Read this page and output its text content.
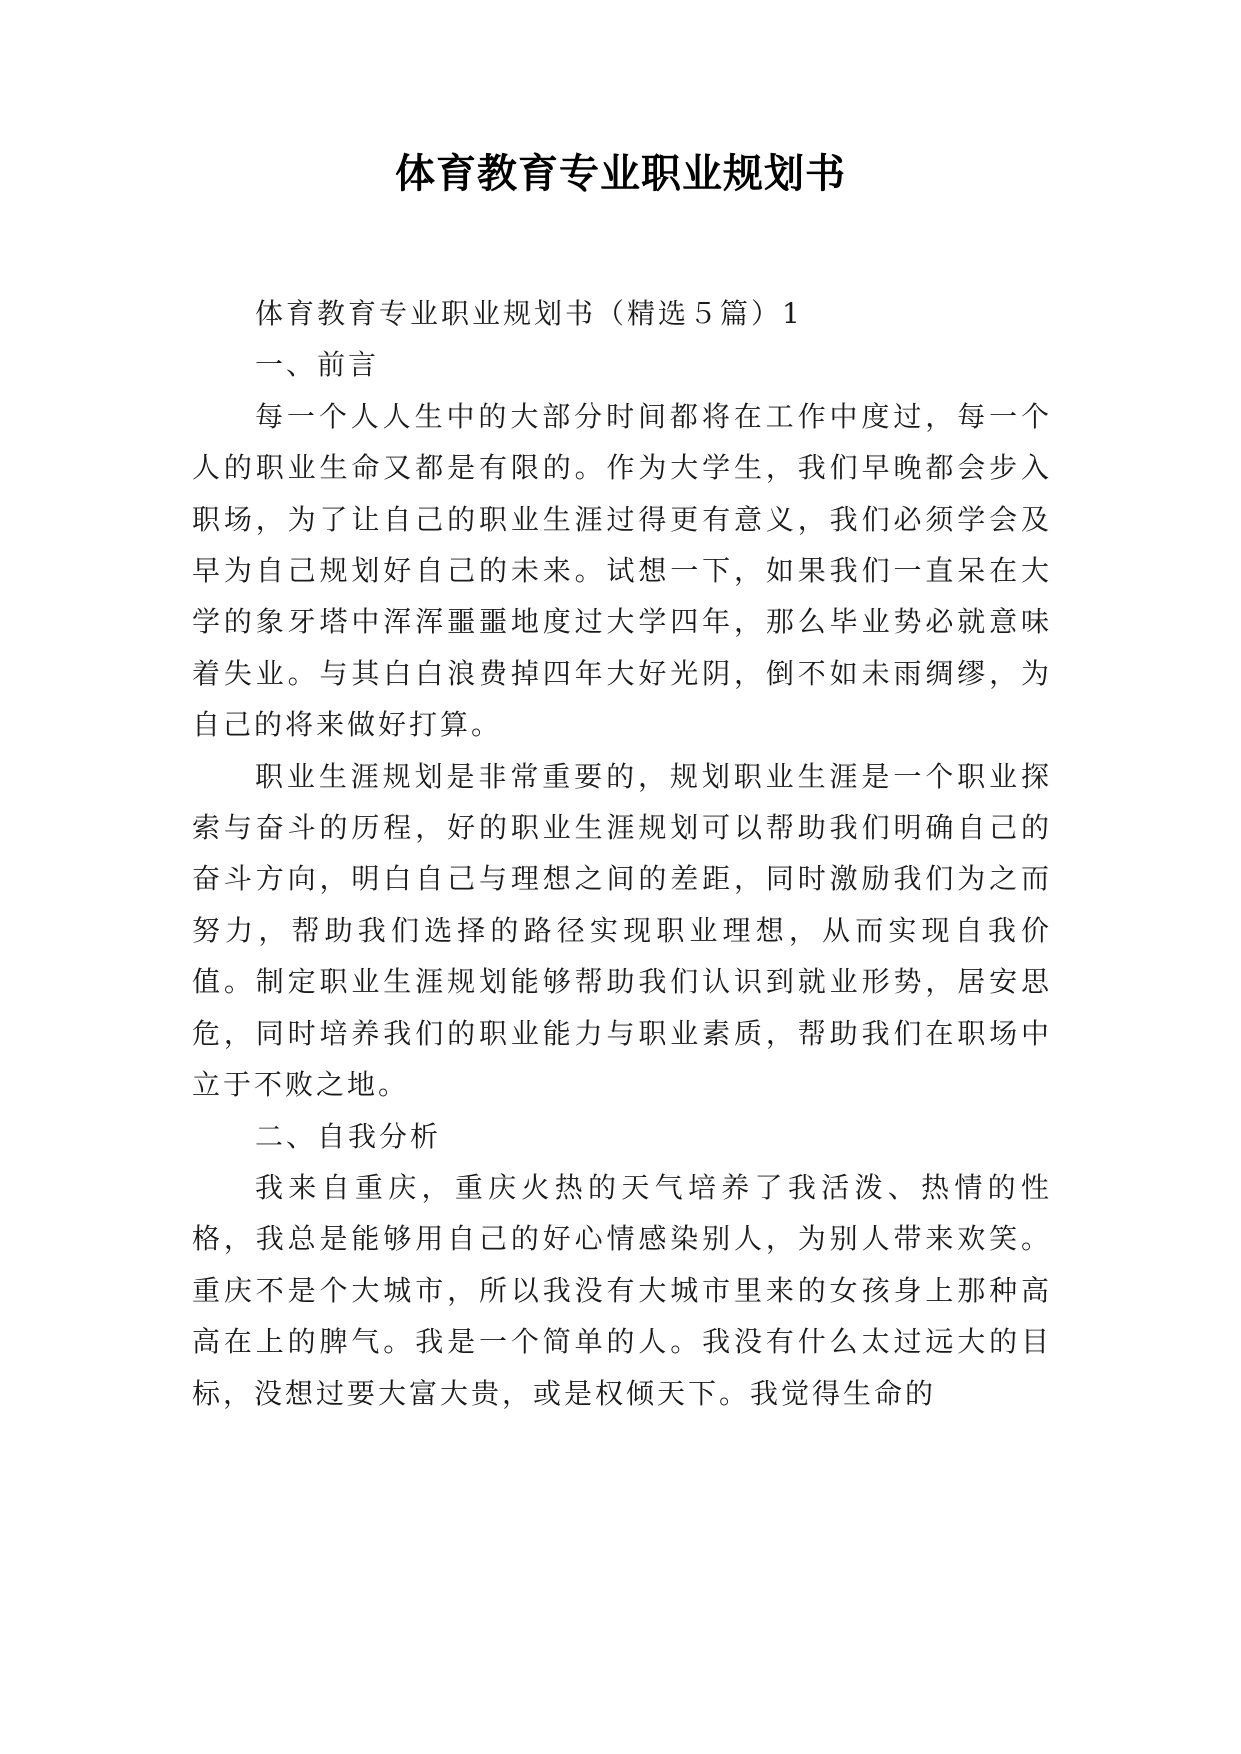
体育教育专业职业规划书

体育教育专业职业规划书（精选５篇）1

一、前言

每一个人人生中的大部分时间都将在工作中度过，每一个人的职业生命又都是有限的。作为大学生，我们早晚都会步入职场，为了让自己的职业生涯过得更有意义，我们必须学会及早为自己规划好自己的未来。试想一下，如果我们一直呆在大学的象牙塔中浑浑噩噩地度过大学四年，那么毕业势必就意味着失业。与其白白浪费掉四年大好光阴，倒不如未雨绸缪，为自己的将来做好打算。

职业生涯规划是非常重要的，规划职业生涯是一个职业探索与奋斗的历程，好的职业生涯规划可以帮助我们明确自己的奋斗方向，明白自己与理想之间的差距，同时激励我们为之而努力，帮助我们选择的路径实现职业理想，从而实现自我价值。制定职业生涯规划能够帮助我们认识到就业形势，居安思危，同时培养我们的职业能力与职业素质，帮助我们在职场中立于不败之地。

二、自我分析

我来自重庆，重庆火热的天气培养了我活泼、热情的性格，我总是能够用自己的好心情感染别人，为别人带来欢笑。重庆不是个大城市，所以我没有大城市里来的女孩身上那种高高在上的脾气。我是一个简单的人。我没有什么太过远大的目标，没想过要大富大贵，或是权倾天下。我觉得生命的
